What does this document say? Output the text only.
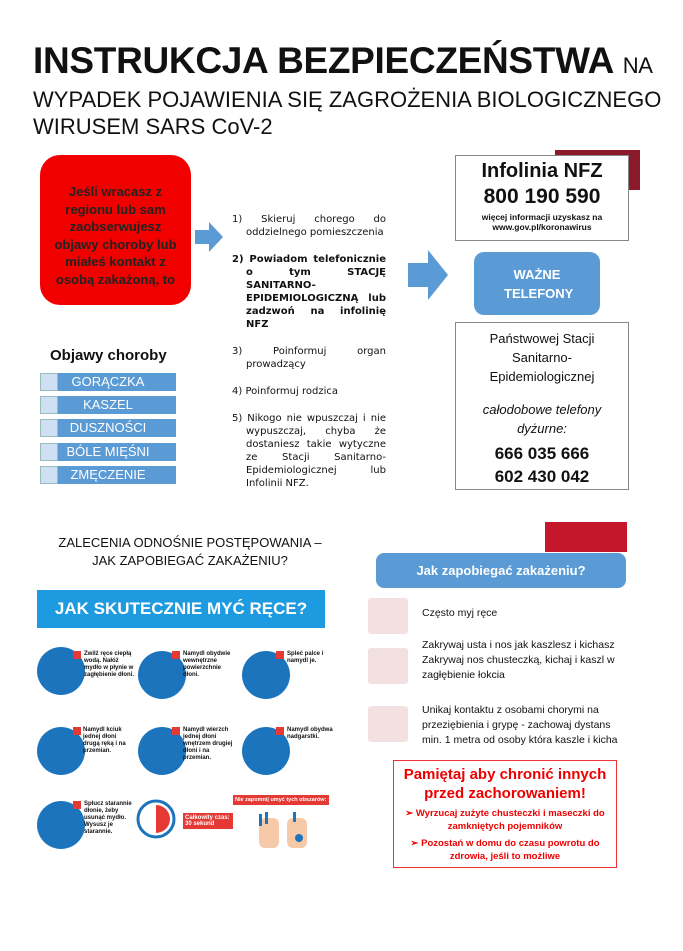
INSTRUKCJA BEZPIECZEŃSTWA NA
WYPADEK POJAWIENIA SIĘ ZAGROŻENIA BIOLOGICZNEGO
WIRUSEM SARS CoV-2
Jeśli wracasz z regionu lub sam zaobserwujesz objawy choroby lub miałeś kontakt z osobą zakażoną, to

1) Skieruj chorego do oddzielnego pomieszczenia

2) Powiadom telefonicznie o tym STACJĘ SANITARNO-EPIDEMIOLOGICZNĄ lub zadzwoń na infolinię NFZ

3) Poinformuj organ prowadzący

4) Poinformuj rodzica

5) Nikogo nie wpuszczaj i nie wypuszczaj, chyba że dostaniesz takie wytyczne ze Stacji Sanitarno-Epidemiologicznej lub Infolinii NFZ.

Infolinia NFZ
800 190 590
więcej informacji uzyskasz na
www.gov.pl/koronawirus
WAŻNE TELEFONY
Państwowej Stacji Sanitarno-Epidemiologicznej
całodobowe telefony dyżurne:
666 035 666
602 430 042
Objawy choroby
GORĄCZKA
KASZEL
DUSZNOŚCI
BÓLE MIĘŚNI
ZMĘCZENIE
ZALECENIA ODNOŚNIE POSTĘPOWANIA – JAK ZAPOBIEGAĆ ZAKAŻENIU?
JAK SKUTECZNIE MYĆ RĘCE?
Zwilż ręce ciepłą wodą. Nałóż mydło w płynie w zagłębienie dłoni.
Namydl obydwie wewnętrzne powierzchnie dłoni.
Spleć palce i namydl je.
Namydl kciuk jednej dłoni drugą ręką i na przemian.
Namydl wierzch jednej dłoni wnętrzem drugiej dłoni i na przemian.
Namydl obydwa nadgarstki.
Spłucz starannie dłonie, żeby usunąć mydło. Wysusz je starannie.
Całkowity czas: 30 sekund
Nie zapomnij umyć tych obszarów:
Jak zapobiegać zakażeniu?
Często myj ręce
Zakrywaj usta i nos jak kaszlesz i kichasz Zakrywaj nos chusteczką, kichaj i kaszl w zagłębienie łokcia
Unikaj kontaktu z osobami chorymi na przeziębienia i grypę - zachowaj dystans min. 1 metra od osoby która kaszle i kicha
Pamiętaj aby chronić innych przed zachorowaniem!
➢ Wyrzucaj zużyte chusteczki i maseczki do zamkniętych pojemników
➢ Pozostań w domu do czasu powrotu do zdrowia, jeśli to możliwe
